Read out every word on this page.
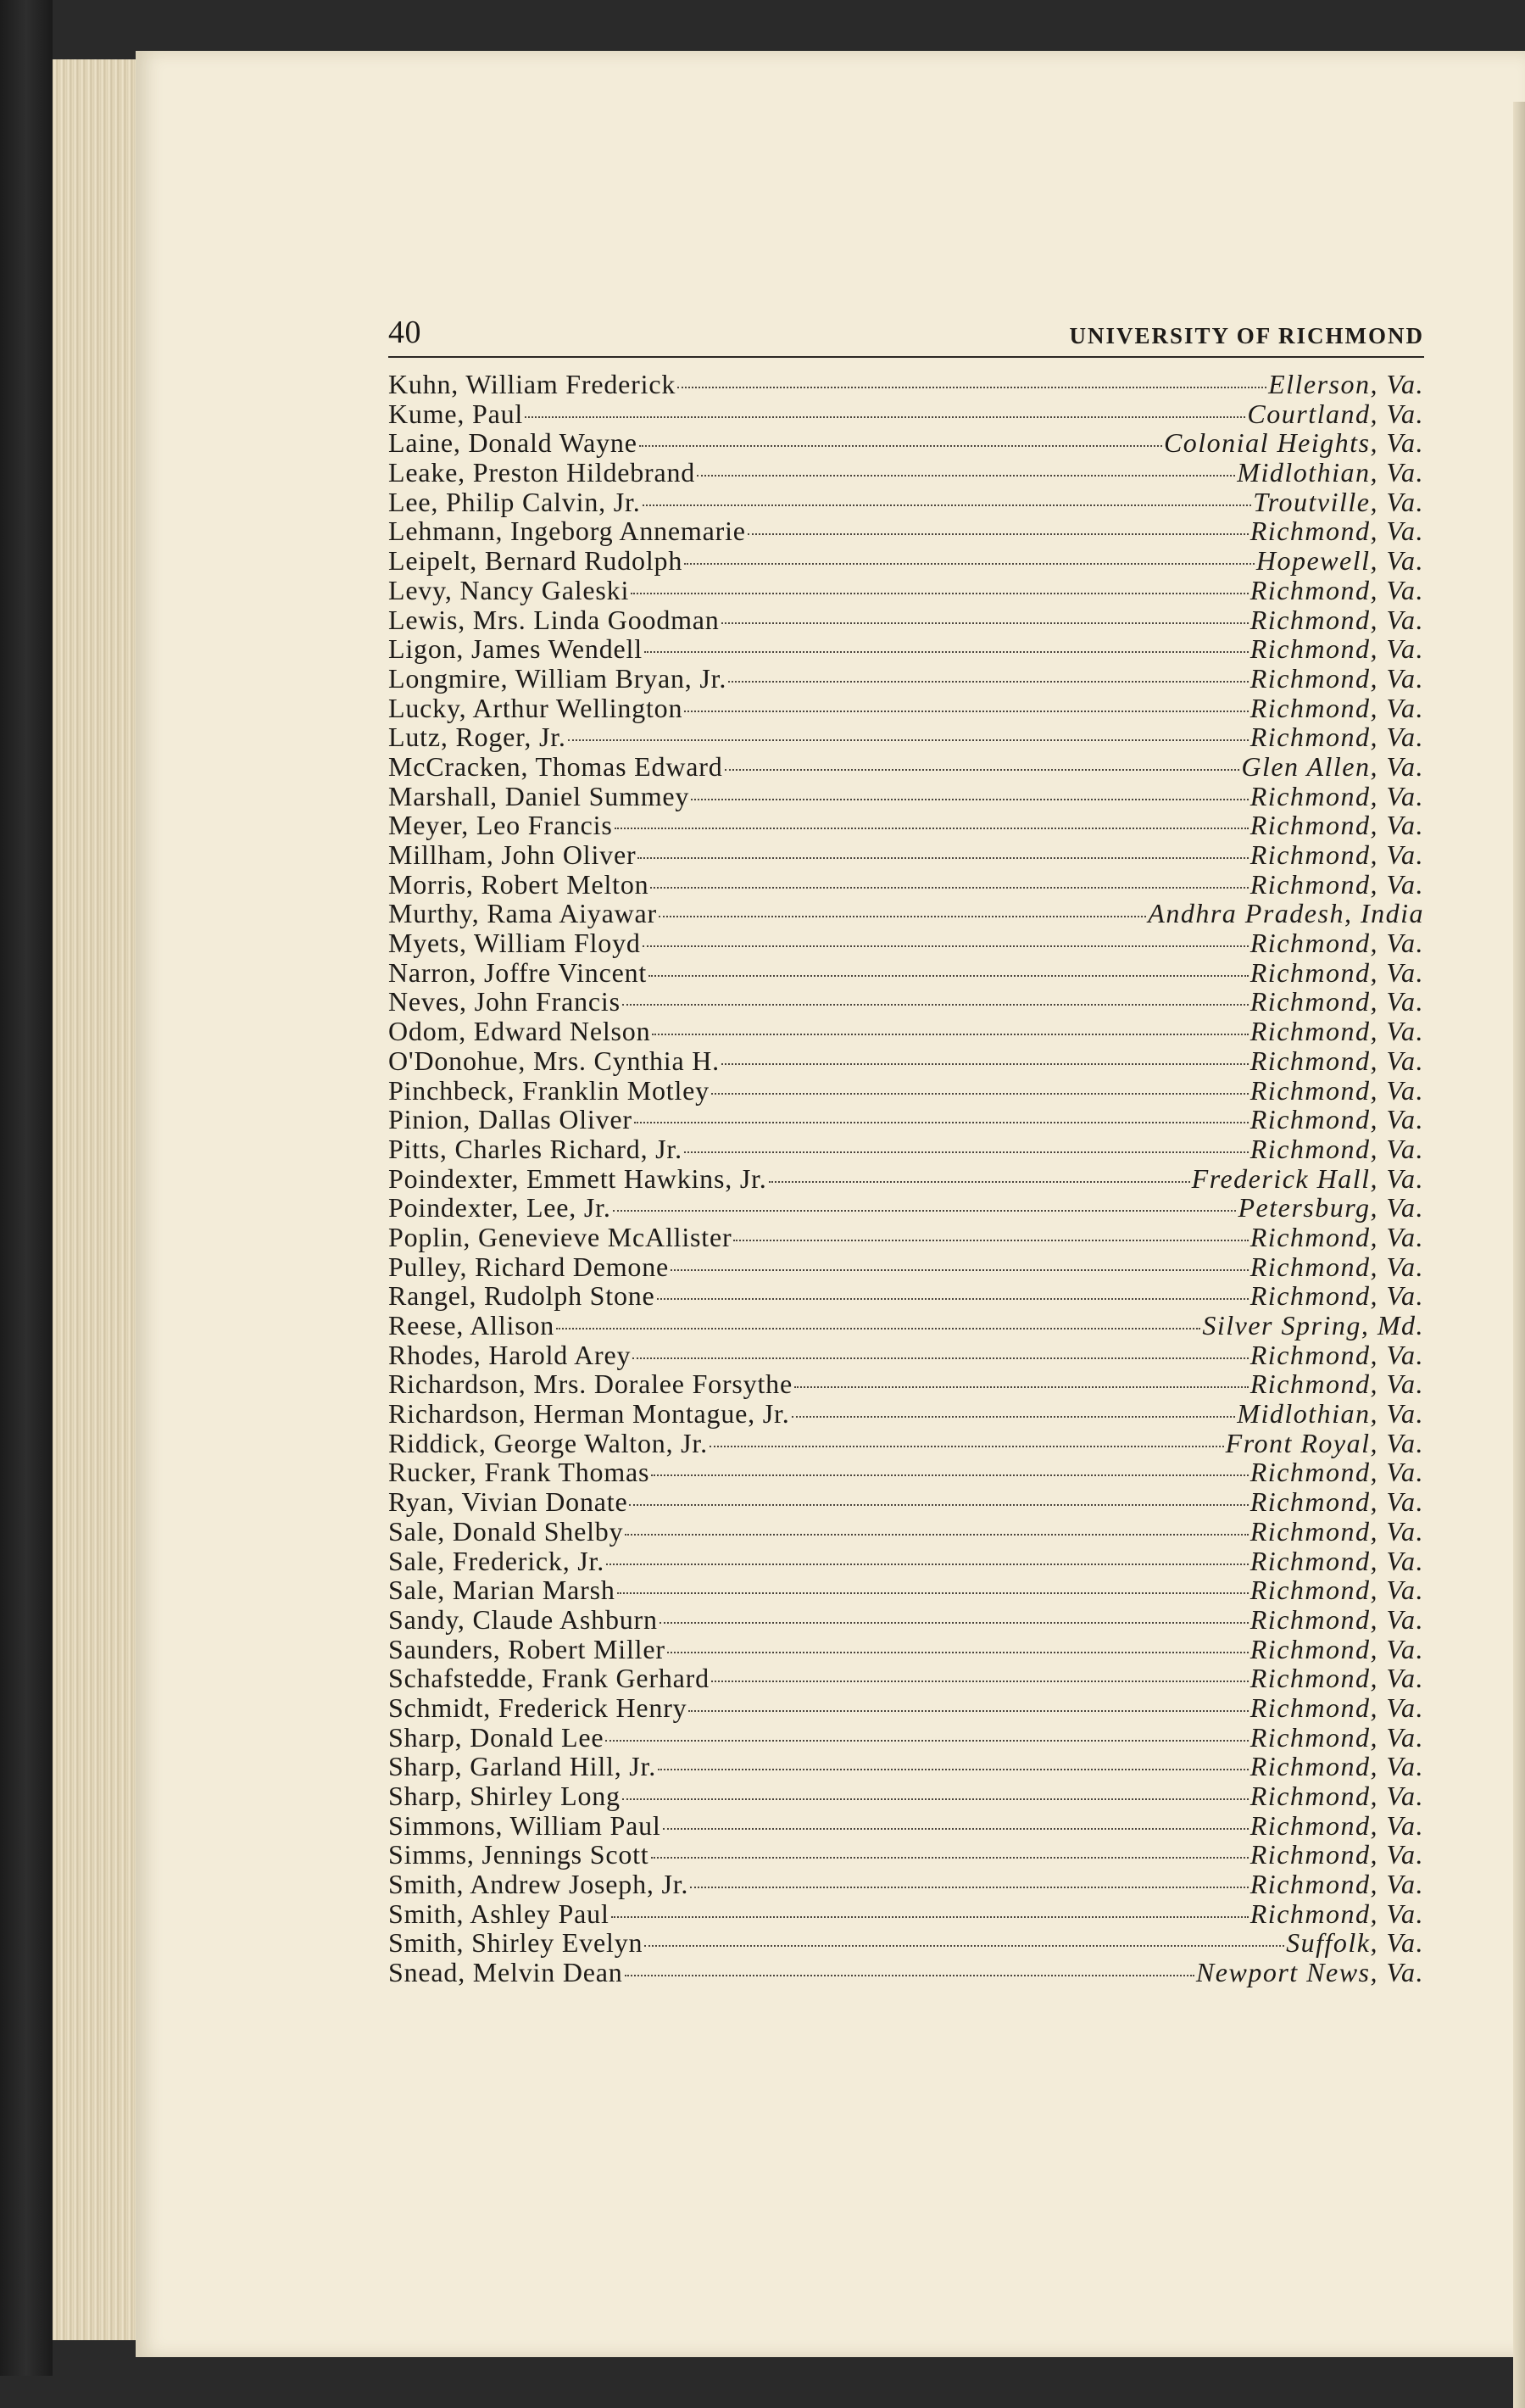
40	UNIVERSITY OF RICHMOND
Kuhn, William Frederick	Ellerson, Va.
Kume, Paul	Courtland, Va.
Laine, Donald Wayne	Colonial Heights, Va.
Leake, Preston Hildebrand	Midlothian, Va.
Lee, Philip Calvin, Jr.	Troutville, Va.
Lehmann, Ingeborg Annemarie	Richmond, Va.
Leipelt, Bernard Rudolph	Hopewell, Va.
Levy, Nancy Galeski	Richmond, Va.
Lewis, Mrs. Linda Goodman	Richmond, Va.
Ligon, James Wendell	Richmond, Va.
Longmire, William Bryan, Jr.	Richmond, Va.
Lucky, Arthur Wellington	Richmond, Va.
Lutz, Roger, Jr.	Richmond, Va.
McCracken, Thomas Edward	Glen Allen, Va.
Marshall, Daniel Summey	Richmond, Va.
Meyer, Leo Francis	Richmond, Va.
Millham, John Oliver	Richmond, Va.
Morris, Robert Melton	Richmond, Va.
Murthy, Rama Aiyawar	Andhra Pradesh, India
Myets, William Floyd	Richmond, Va.
Narron, Joffre Vincent	Richmond, Va.
Neves, John Francis	Richmond, Va.
Odom, Edward Nelson	Richmond, Va.
O'Donohue, Mrs. Cynthia H.	Richmond, Va.
Pinchbeck, Franklin Motley	Richmond, Va.
Pinion, Dallas Oliver	Richmond, Va.
Pitts, Charles Richard, Jr.	Richmond, Va.
Poindexter, Emmett Hawkins, Jr.	Frederick Hall, Va.
Poindexter, Lee, Jr.	Petersburg, Va.
Poplin, Genevieve McAllister	Richmond, Va.
Pulley, Richard Demone	Richmond, Va.
Rangel, Rudolph Stone	Richmond, Va.
Reese, Allison	Silver Spring, Md.
Rhodes, Harold Arey	Richmond, Va.
Richardson, Mrs. Doralee Forsythe	Richmond, Va.
Richardson, Herman Montague, Jr.	Midlothian, Va.
Riddick, George Walton, Jr.	Front Royal, Va.
Rucker, Frank Thomas	Richmond, Va.
Ryan, Vivian Donate	Richmond, Va.
Sale, Donald Shelby	Richmond, Va.
Sale, Frederick, Jr.	Richmond, Va.
Sale, Marian Marsh	Richmond, Va.
Sandy, Claude Ashburn	Richmond, Va.
Saunders, Robert Miller	Richmond, Va.
Schafstedde, Frank Gerhard	Richmond, Va.
Schmidt, Frederick Henry	Richmond, Va.
Sharp, Donald Lee	Richmond, Va.
Sharp, Garland Hill, Jr.	Richmond, Va.
Sharp, Shirley Long	Richmond, Va.
Simmons, William Paul	Richmond, Va.
Simms, Jennings Scott	Richmond, Va.
Smith, Andrew Joseph, Jr.	Richmond, Va.
Smith, Ashley Paul	Richmond, Va.
Smith, Shirley Evelyn	Suffolk, Va.
Snead, Melvin Dean	Newport News, Va.
